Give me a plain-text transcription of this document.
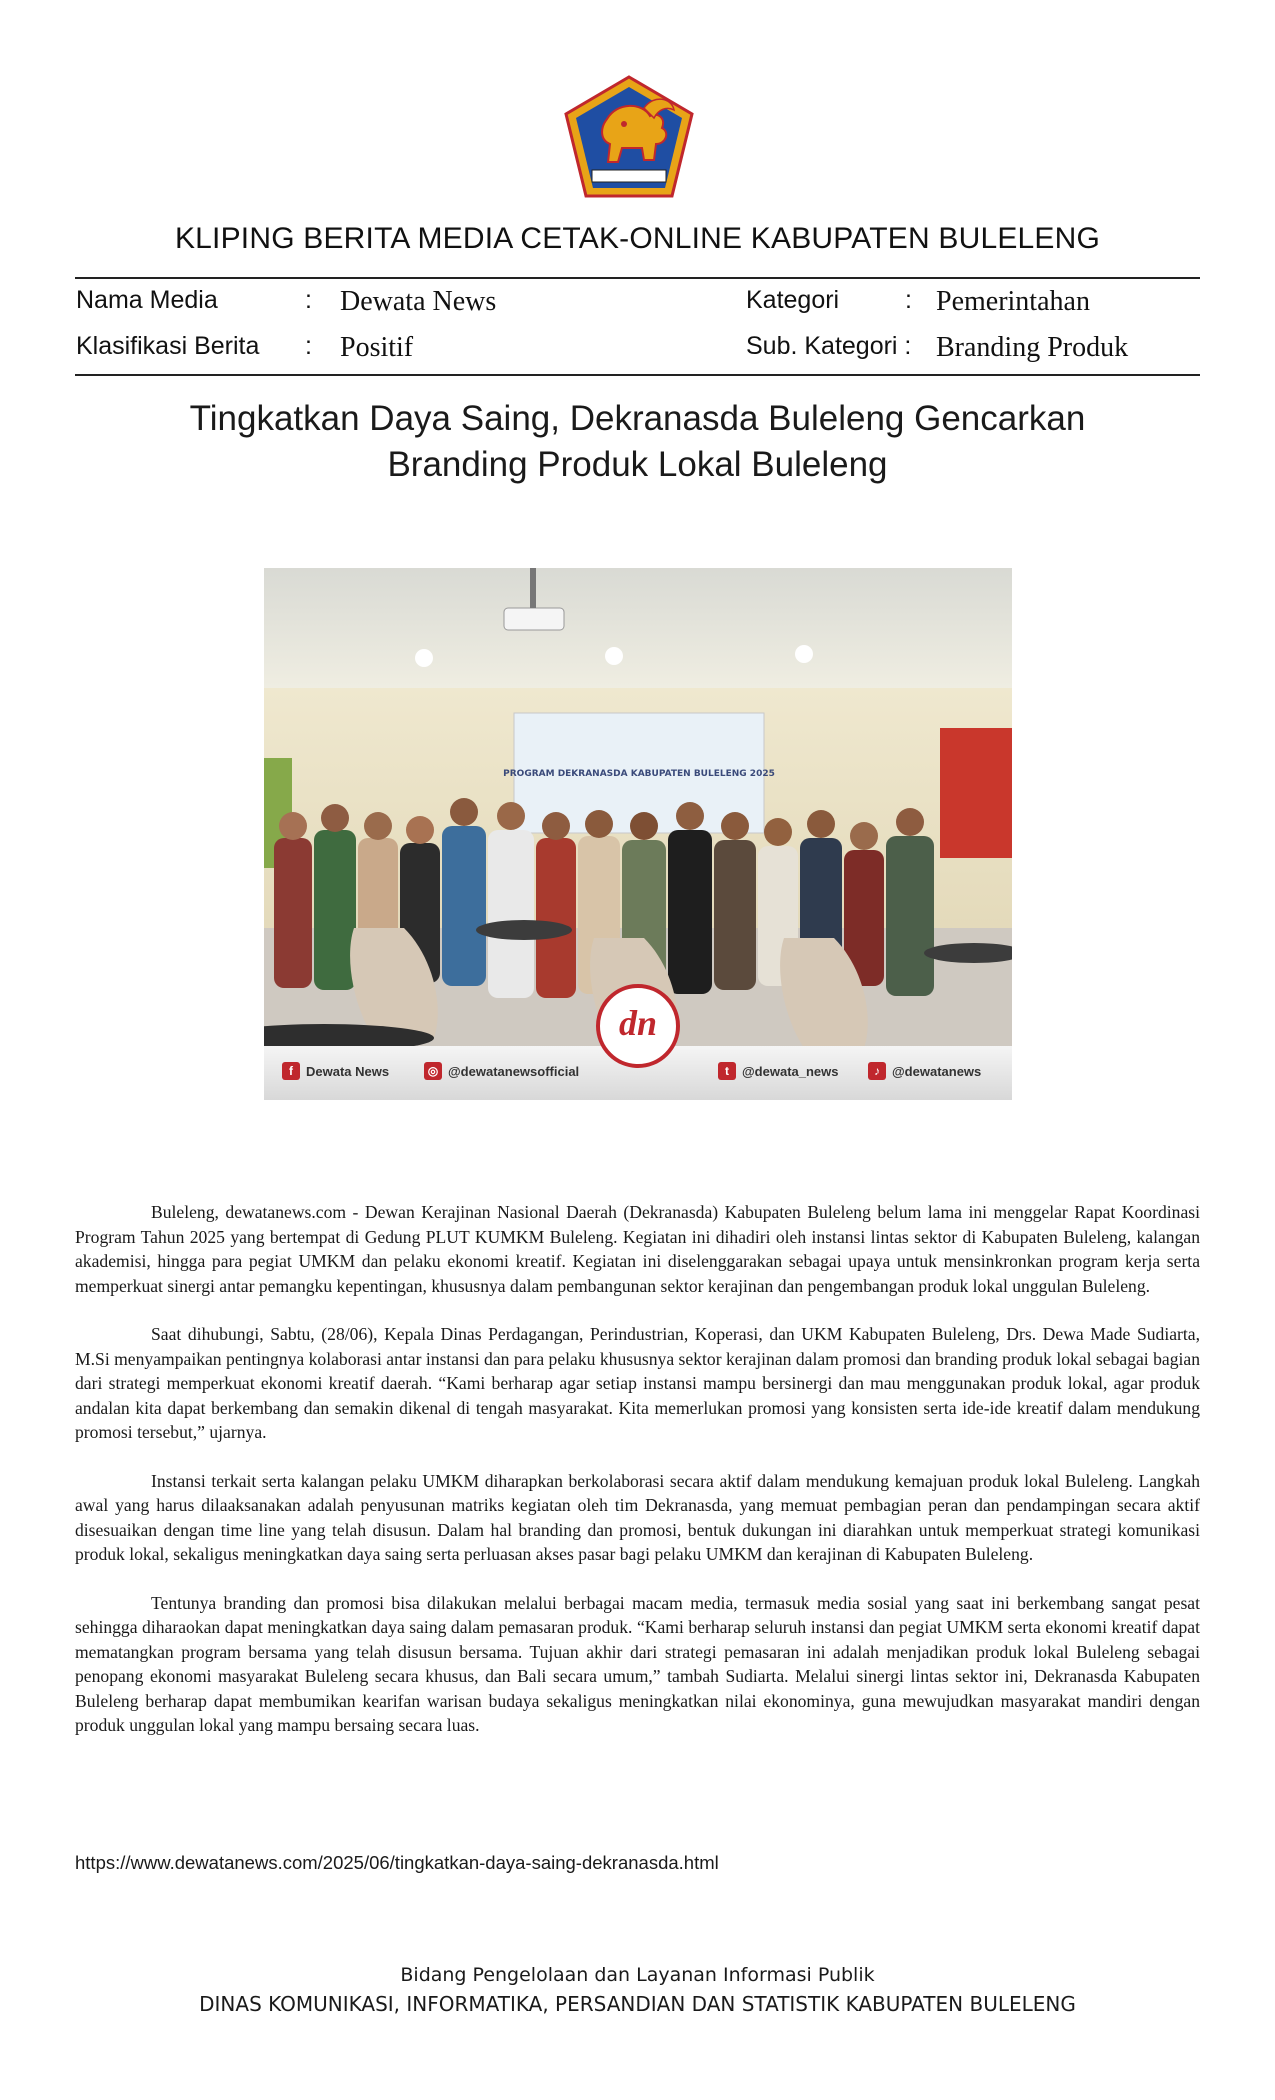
KLIPING BERITA MEDIA CETAK-ONLINE KABUPATEN BULELENG
Nama Media	: Dewata News	Kategori	: Pemerintahan
Klasifikasi Berita : Positif	Sub. Kategori : Branding Produk
Tingkatkan Daya Saing, Dekranasda Buleleng Gencarkan
Branding Produk Lokal Buleleng
PROGRAM DEKRANASDA KABUPATEN BULELENG 2025
f	Dewata News	◎ @dewatanewsofficial	t	@dewata_news	♪ @dewatanews
dn

Buleleng, dewatanews.com - Dewan Kerajinan Nasional Daerah (Dekranasda) Kabupaten Buleleng belum lama ini menggelar Rapat Koordinasi Program Tahun 2025 yang bertempat di Gedung PLUT KUMKM Buleleng. Kegiatan ini dihadiri oleh instansi lintas sektor di Kabupaten Buleleng, kalangan akademisi, hingga para pegiat UMKM dan pelaku ekonomi kreatif. Kegiatan ini diselenggarakan sebagai upaya untuk mensinkronkan program kerja serta memperkuat sinergi antar pemangku kepentingan, khususnya dalam pembangunan sektor kerajinan dan pengembangan produk lokal unggulan Buleleng.

Saat dihubungi, Sabtu, (28/06), Kepala Dinas Perdagangan, Perindustrian, Koperasi, dan UKM Kabupaten Buleleng, Drs. Dewa Made Sudiarta, M.Si menyampaikan pentingnya kolaborasi antar instansi dan para pelaku khususnya sektor kerajinan dalam promosi dan branding produk lokal sebagai bagian dari strategi memperkuat ekonomi kreatif daerah. “Kami berharap agar setiap instansi mampu bersinergi dan mau menggunakan produk lokal, agar produk andalan kita dapat berkembang dan semakin dikenal di tengah masyarakat. Kita memerlukan promosi yang konsisten serta ide-ide kreatif dalam mendukung promosi tersebut,” ujarnya.

Instansi terkait serta kalangan pelaku UMKM diharapkan berkolaborasi secara aktif dalam mendukung kemajuan produk lokal Buleleng. Langkah awal yang harus dilaaksanakan adalah penyusunan matriks kegiatan oleh tim Dekranasda, yang memuat pembagian peran dan pendampingan secara aktif disesuaikan dengan time line yang telah disusun. Dalam hal branding dan promosi, bentuk dukungan ini diarahkan untuk memperkuat strategi komunikasi produk lokal, sekaligus meningkatkan daya saing serta perluasan akses pasar bagi pelaku UMKM dan kerajinan di Kabupaten Buleleng.

Tentunya branding dan promosi bisa dilakukan melalui berbagai macam media, termasuk media sosial yang saat ini berkembang sangat pesat sehingga diharaokan dapat meningkatkan daya saing dalam pemasaran produk. “Kami berharap seluruh instansi dan pegiat UMKM serta ekonomi kreatif dapat mematangkan program bersama yang telah disusun bersama. Tujuan akhir dari strategi pemasaran ini adalah menjadikan produk lokal Buleleng sebagai penopang ekonomi masyarakat Buleleng secara khusus, dan Bali secara umum,” tambah Sudiarta. Melalui sinergi lintas sektor ini, Dekranasda Kabupaten Buleleng berharap dapat membumikan kearifan warisan budaya sekaligus meningkatkan nilai ekonominya, guna mewujudkan masyarakat mandiri dengan produk unggulan lokal yang mampu bersaing secara luas.

https://www.dewatanews.com/2025/06/tingkatkan-daya-saing-dekranasda.html
Bidang Pengelolaan dan Layanan Informasi Publik
DINAS KOMUNIKASI, INFORMATIKA, PERSANDIAN DAN STATISTIK KABUPATEN BULELENG
